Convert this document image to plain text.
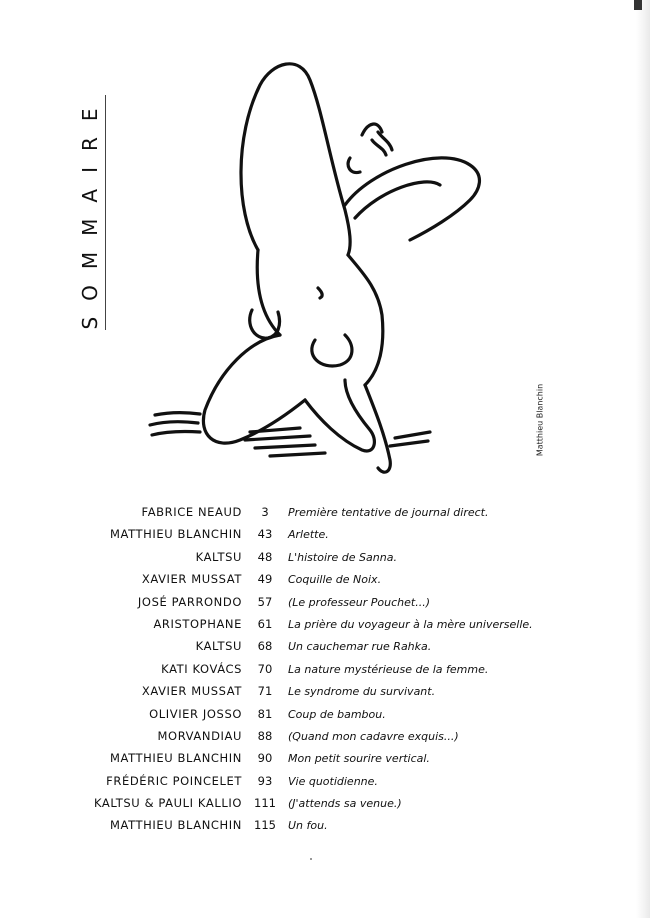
SOMMAIRE
Matthieu Blanchin
FABRICE NEAUD	3	Première tentative de journal direct.
MATTHIEU BLANCHIN	43	Arlette.
KALTSU	48	L'histoire de Sanna.
XAVIER MUSSAT	49	Coquille de Noix.
JOSÉ PARRONDO	57	(Le professeur Pouchet...)
ARISTOPHANE	61	La prière du voyageur à la mère universelle.
KALTSU	68	Un cauchemar rue Rahka.
KATI KOVÁCS	70	La nature mystérieuse de la femme.
XAVIER MUSSAT	71	Le syndrome du survivant.
OLIVIER JOSSO	81	Coup de bambou.
MORVANDIAU	88	(Quand mon cadavre exquis...)
MATTHIEU BLANCHIN	90	Mon petit sourire vertical.
FRÉDÉRIC POINCELET	93	Vie quotidienne.
KALTSU & PAULI KALLIO	111	(J'attends sa venue.)
MATTHIEU BLANCHIN	115	Un fou.
